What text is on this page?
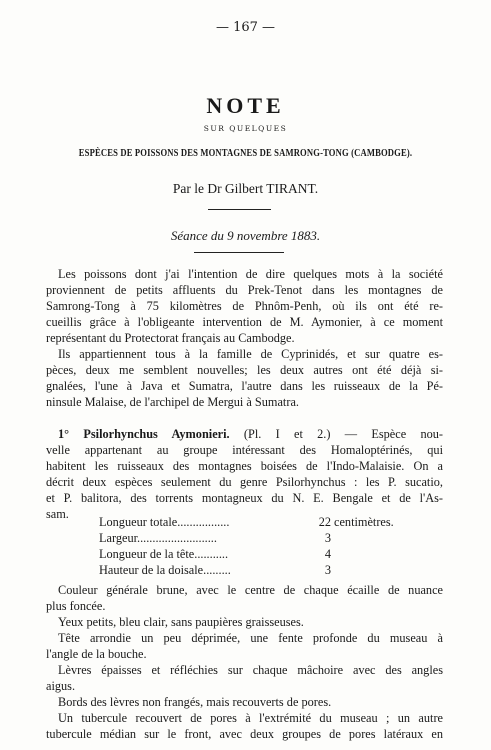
— 167 —
NOTE
SUR QUELQUES
ESPÈCES DE POISSONS DES MONTAGNES DE SAMRONG-TONG (CAMBODGE).
Par le Dr Gilbert TIRANT.
Séance du 9 novembre 1883.
Les poissons dont j'ai l'intention de dire quelques mots à la société
proviennent de petits affluents du Prek-Tenot dans les montagnes de
Samrong-Tong à 75 kilomètres de Phnôm-Penh, où ils ont été re-
cueillis grâce à l'obligeante intervention de M. Aymonier, à ce moment
représentant du Protectorat français au Cambodge.
Ils appartiennent tous à la famille de Cyprinidés, et sur quatre es-
pèces, deux me semblent nouvelles; les deux autres ont été déjà si-
gnalées, l'une à Java et Sumatra, l'autre dans les ruisseaux de la Pé-
ninsule Malaise, de l'archipel de Mergui à Sumatra.
1° Psilorhynchus Aymonieri. (Pl. I et 2.) — Espèce nou-
velle appartenant au groupe intéressant des Homaloptérinés, qui
habitent les ruisseaux des montagnes boisées de l'Indo-Malaisie. On a
décrit deux espèces seulement du genre Psilorhynchus : les P. sucatio,
et P. balitora, des torrents montagneux du N. E. Bengale et de l'As-
sam.
Longueur totale.................	22 centimètres.
Largeur..........................	3
Longueur de la tête...........	4
Hauteur de la doisale.........	3
Couleur générale brune, avec le centre de chaque écaille de nuance
plus foncée.
Yeux petits, bleu clair, sans paupières graisseuses.
Tête arrondie un peu déprimée, une fente profonde du museau à
l'angle de la bouche.
Lèvres épaisses et réfléchies sur chaque mâchoire avec des angles
aigus.
Bords des lèvres non frangés, mais recouverts de pores.
Un tubercule recouvert de pores à l'extrémité du museau ; un autre
tubercule médian sur le front, avec deux groupes de pores latéraux en
